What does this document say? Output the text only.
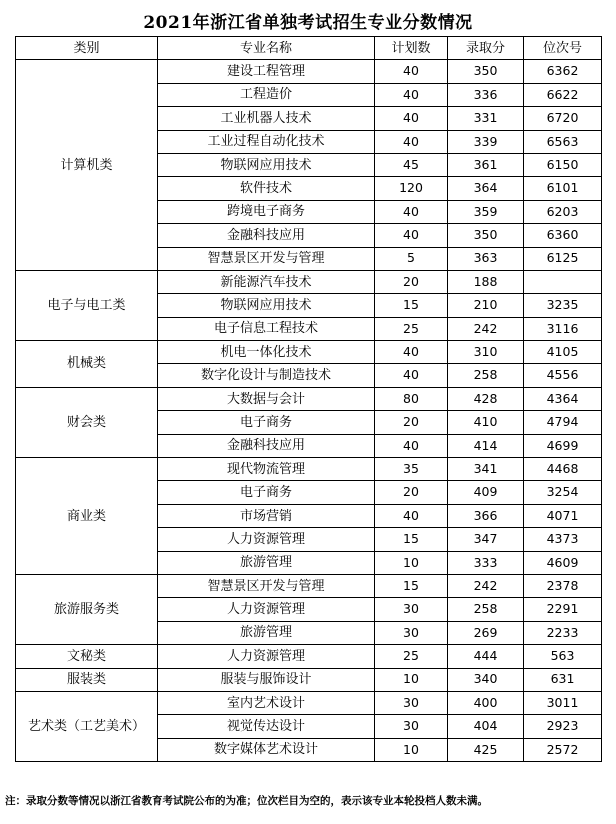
2021年浙江省单独考试招生专业分数情况
类别	专业名称	计划数	录取分	位次号
计算机类	建设工程管理	40	350	6362
	工程造价	40	336	6622
	工业机器人技术	40	331	6720
	工业过程自动化技术	40	339	6563
	物联网应用技术	45	361	6150
	软件技术	120	364	6101
	跨境电子商务	40	359	6203
	金融科技应用	40	350	6360
	智慧景区开发与管理	5	363	6125
电子与电工类	新能源汽车技术	20	188	
	物联网应用技术	15	210	3235
	电子信息工程技术	25	242	3116
机械类	机电一体化技术	40	310	4105
	数字化设计与制造技术	40	258	4556
财会类	大数据与会计	80	428	4364
	电子商务	20	410	4794
	金融科技应用	40	414	4699
商业类	现代物流管理	35	341	4468
	电子商务	20	409	3254
	市场营销	40	366	4071
	人力资源管理	15	347	4373
	旅游管理	10	333	4609
旅游服务类	智慧景区开发与管理	15	242	2378
	人力资源管理	30	258	2291
	旅游管理	30	269	2233
文秘类	人力资源管理	25	444	563
服装类	服装与服饰设计	10	340	631
艺术类（工艺美术）	室内艺术设计	30	400	3011
	视觉传达设计	30	404	2923
	数字媒体艺术设计	10	425	2572
注：录取分数等情况以浙江省教育考试院公布的为准；位次栏目为空的，表示该专业本轮投档人数未满。
